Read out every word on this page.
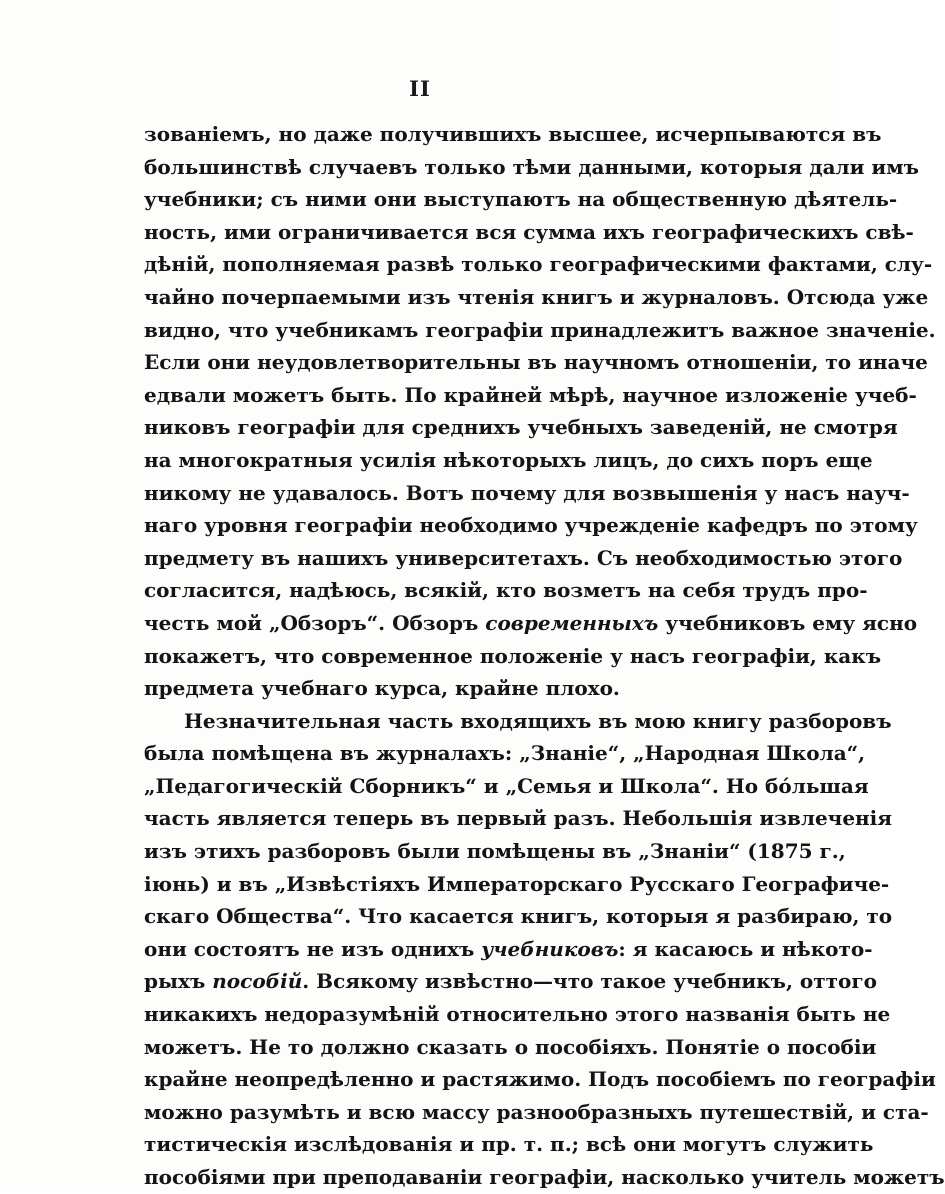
II
зованіемъ, но даже получившихъ высшее, исчерпываются въ
большинствѣ случаевъ только тѣми данными, которыя дали имъ
учебники; съ ними они выступаютъ на общественную дѣятель-
ность, ими ограничивается вся сумма ихъ географическихъ свѣ-
дѣній, пополняемая развѣ только географическими фактами, слу-
чайно почерпаемыми изъ чтенія книгъ и журналовъ. Отсюда уже
видно, что учебникамъ географіи принадлежитъ важное значеніе.
Если они неудовлетворительны въ научномъ отношеніи, то иначе
едвали можетъ быть. По крайней мѣрѣ, научное изложеніе учеб-
никовъ географіи для среднихъ учебныхъ заведеній, не смотря
на многократныя усилія нѣкоторыхъ лицъ, до сихъ поръ еще
никому не удавалось. Вотъ почему для возвышенія у насъ науч-
наго уровня географіи необходимо учрежденіе кафедръ по этому
предмету въ нашихъ университетахъ. Съ необходимостью этого
согласится, надѣюсь, всякій, кто возметъ на себя трудъ про-
честь мой „Обзоръ“. Обзоръ современныхъ учебниковъ ему ясно
покажетъ, что современное положеніе у насъ географіи, какъ
предмета учебнаго курса, крайне плохо.
Незначительная часть входящихъ въ мою книгу разборовъ
была помѣщена въ журналахъ: „Знаніе“, „Народная Школа“,
„Педагогическій Сборникъ“ и „Семья и Школа“. Но бо́льшая
часть является теперь въ первый разъ. Небольшія извлеченія
изъ этихъ разборовъ были помѣщены въ „Знаніи“ (1875 г.,
іюнь) и въ „Извѣстіяхъ Императорскаго Русскаго Географиче-
скаго Общества“. Что касается книгъ, которыя я разбираю, то
они состоятъ не изъ однихъ учебниковъ: я касаюсь и нѣкото-
рыхъ пособій. Всякому извѣстно—что такое учебникъ, оттого
никакихъ недоразумѣній относительно этого названія быть не
можетъ. Не то должно сказать о пособіяхъ. Понятіе о пособіи
крайне неопредѣленно и растяжимо. Подъ пособіемъ по географіи
можно разумѣть и всю массу разнообразныхъ путешествій, и ста-
тистическія изслѣдованія и пр. т. п.; всѣ они могутъ служить
пособіями при преподаваніи географіи, насколько учитель можетъ
